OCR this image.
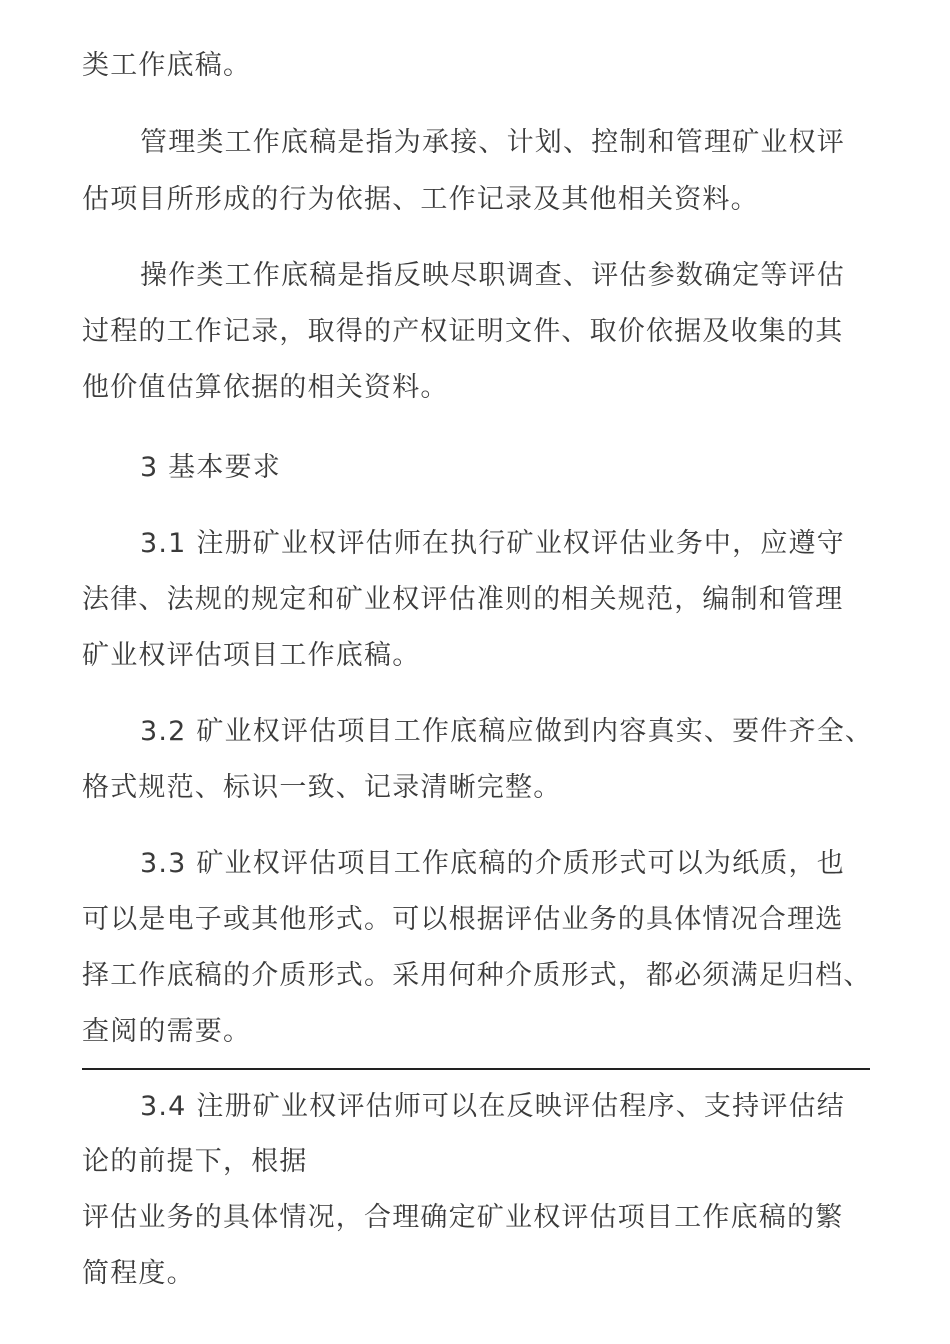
类工作底稿。
管理类工作底稿是指为承接、计划、控制和管理矿业权评
估项目所形成的行为依据、工作记录及其他相关资料。
操作类工作底稿是指反映尽职调查、评估参数确定等评估
过程的工作记录，取得的产权证明文件、取价依据及收集的其
他价值估算依据的相关资料。
3 基本要求
3.1 注册矿业权评估师在执行矿业权评估业务中，应遵守
法律、法规的规定和矿业权评估准则的相关规范，编制和管理
矿业权评估项目工作底稿。
3.2 矿业权评估项目工作底稿应做到内容真实、要件齐全、
格式规范、标识一致、记录清晰完整。
3.3 矿业权评估项目工作底稿的介质形式可以为纸质，也
可以是电子或其他形式。可以根据评估业务的具体情况合理选
择工作底稿的介质形式。采用何种介质形式，都必须满足归档、
查阅的需要。
3.4 注册矿业权评估师可以在反映评估程序、支持评估结
论的前提下，根据
评估业务的具体情况，合理确定矿业权评估项目工作底稿的繁
简程度。
